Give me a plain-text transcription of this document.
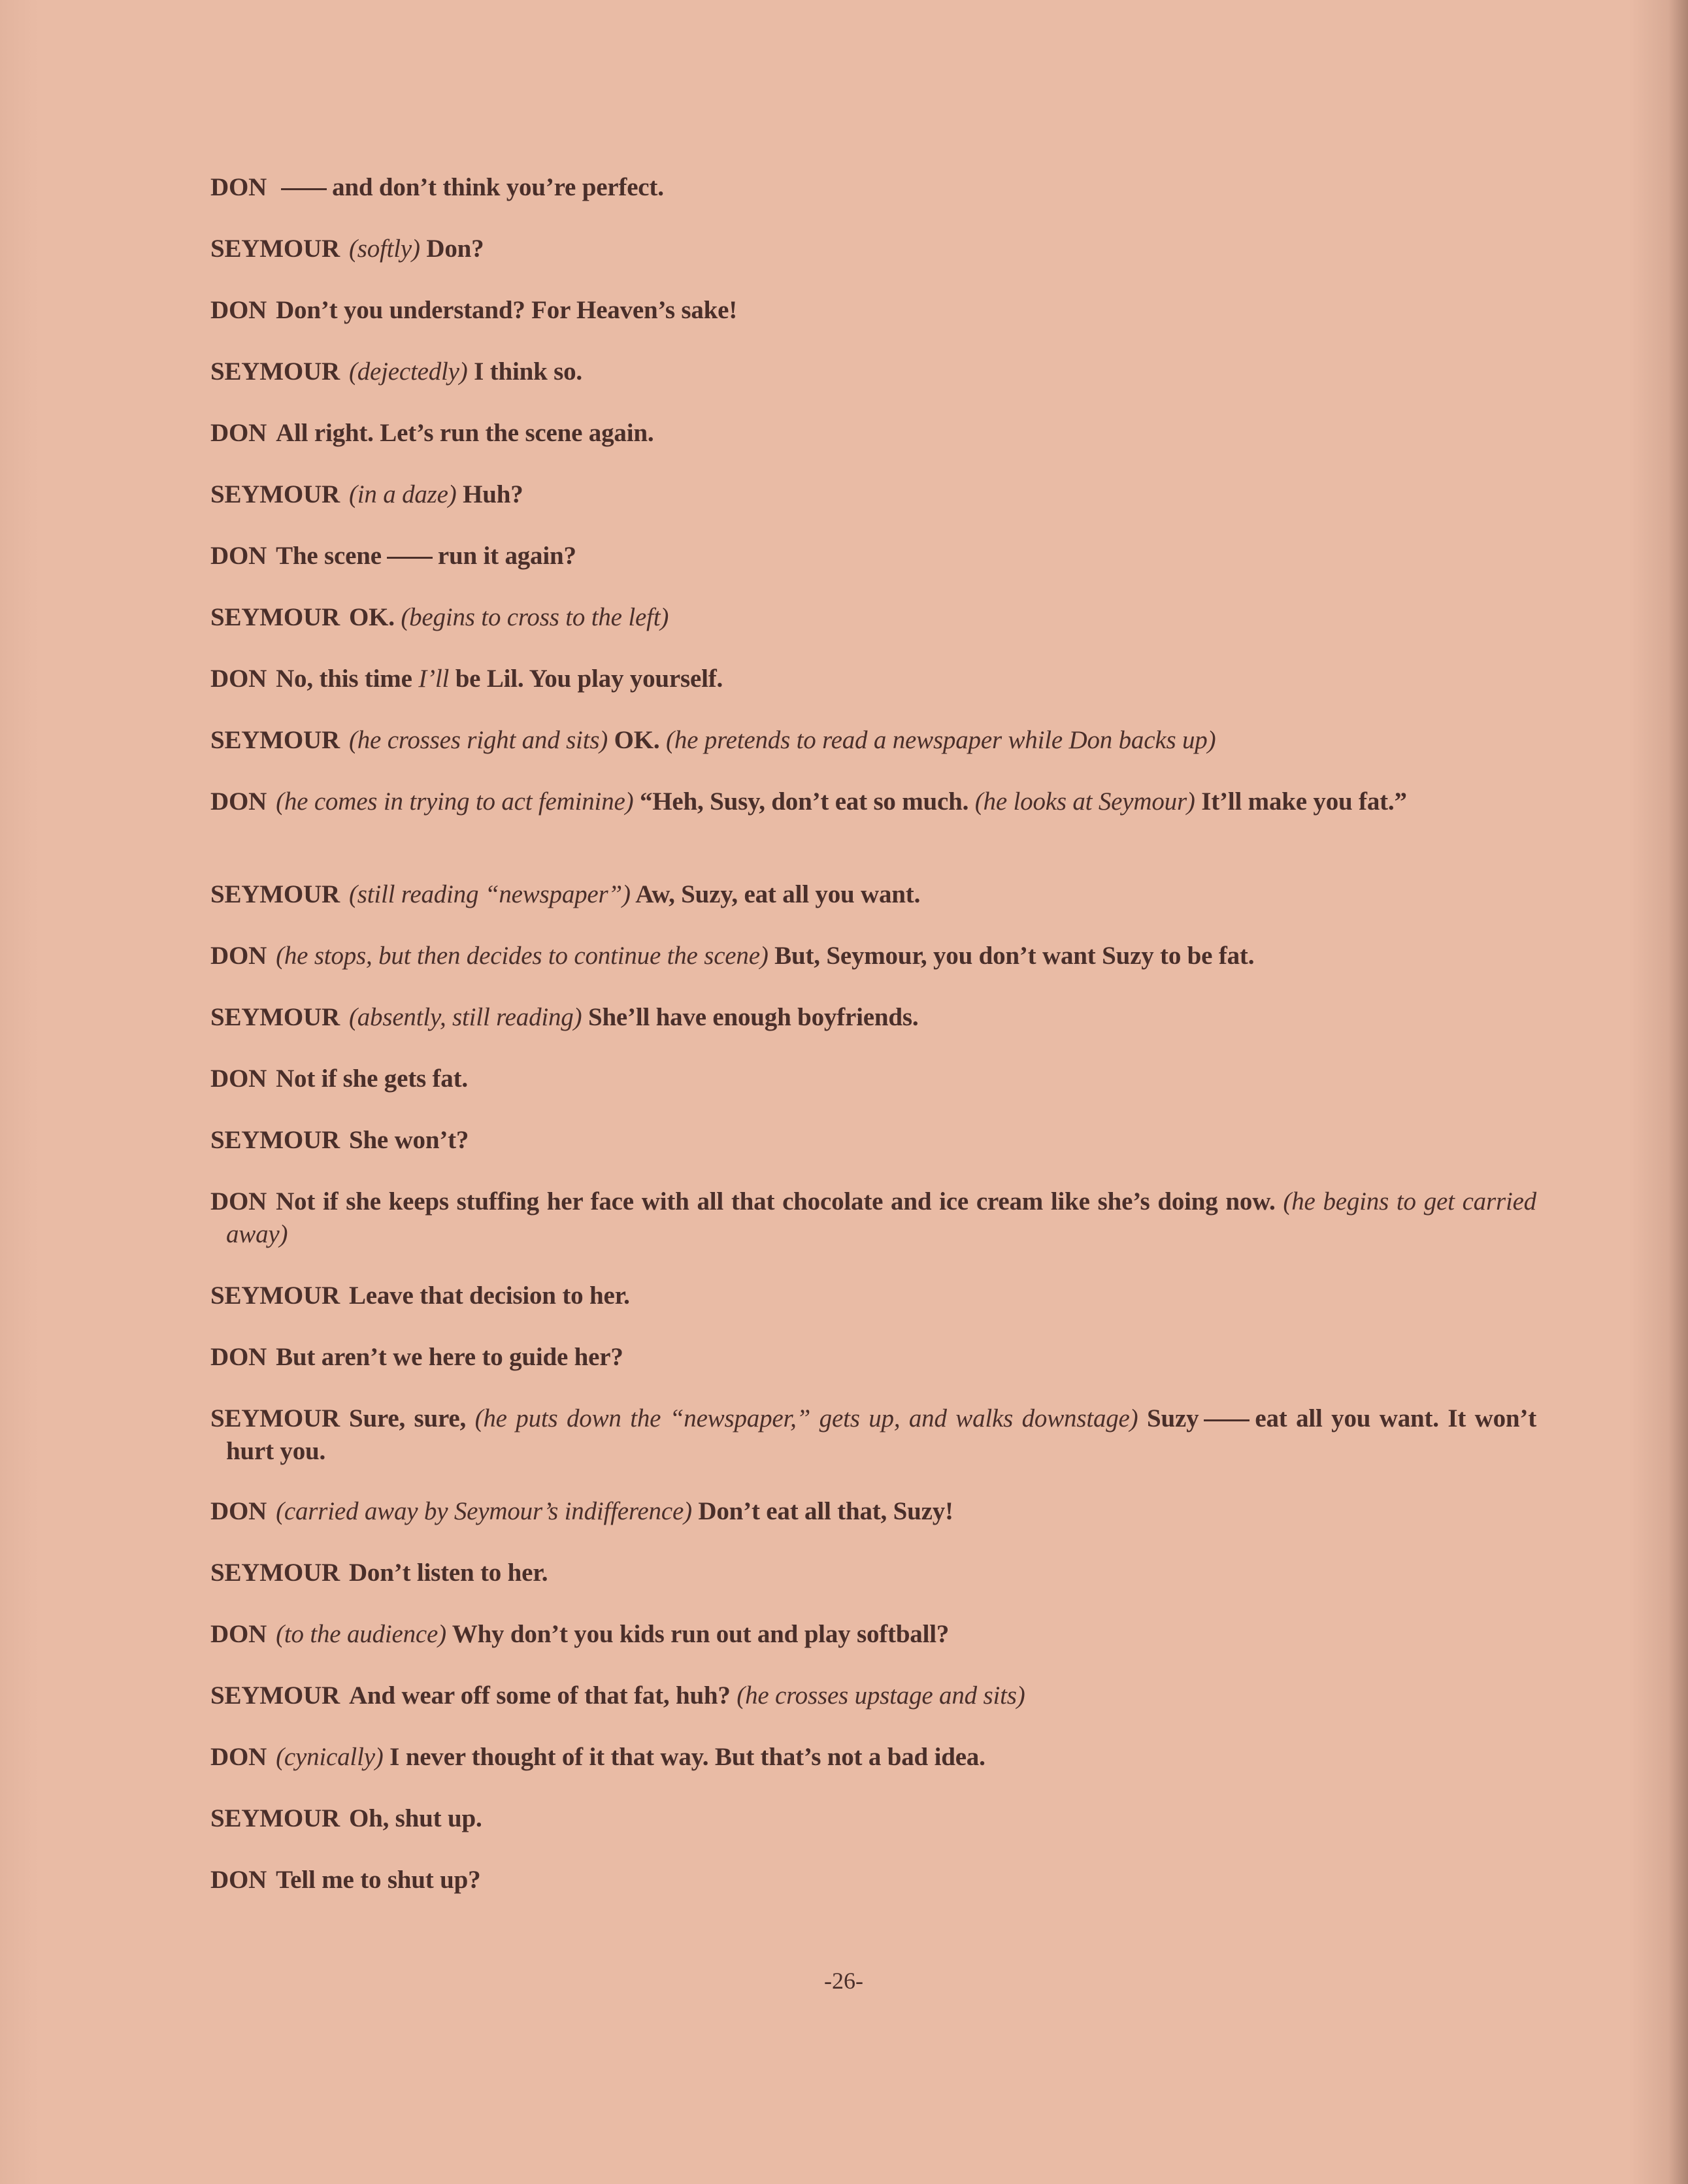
DON	and don’t think you’re perfect.

SEYMOUR (softly) Don?

DON Don’t you understand? For Heaven’s sake!

SEYMOUR (dejectedly) I think so.

DON All right. Let’s run the scene again.

SEYMOUR (in a daze) Huh?

DON The scene run it again?

SEYMOUR OK. (begins to cross to the left)

DON No, this time I’ll be Lil. You play yourself.

SEYMOUR (he crosses right and sits) OK. (he pretends to read a newspaper while Don backs up)

DON (he comes in trying to act feminine) “Heh, Susy, don’t eat so much. (he looks at Seymour) It’ll make you fat.”

SEYMOUR (still reading “newspaper”) Aw, Suzy, eat all you want.

DON (he stops, but then decides to continue the scene) But, Seymour, you don’t want Suzy to be fat.

SEYMOUR (absently, still reading) She’ll have enough boyfriends.

DON Not if she gets fat.

SEYMOUR She won’t?

DON Not if she keeps stuffing her face with all that chocolate and ice cream like she’s doing now. (he begins to get carried away)

SEYMOUR Leave that decision to her.

DON But aren’t we here to guide her?

SEYMOUR Sure, sure, (he puts down the “newspaper,” gets up, and walks downstage) Suzy eat all you want. It won’t hurt you.

DON (carried away by Seymour’s indifference) Don’t eat all that, Suzy!

SEYMOUR Don’t listen to her.

DON (to the audience) Why don’t you kids run out and play softball?

SEYMOUR And wear off some of that fat, huh? (he crosses upstage and sits)

DON (cynically) I never thought of it that way. But that’s not a bad idea.

SEYMOUR Oh, shut up.

DON Tell me to shut up?

-26-
